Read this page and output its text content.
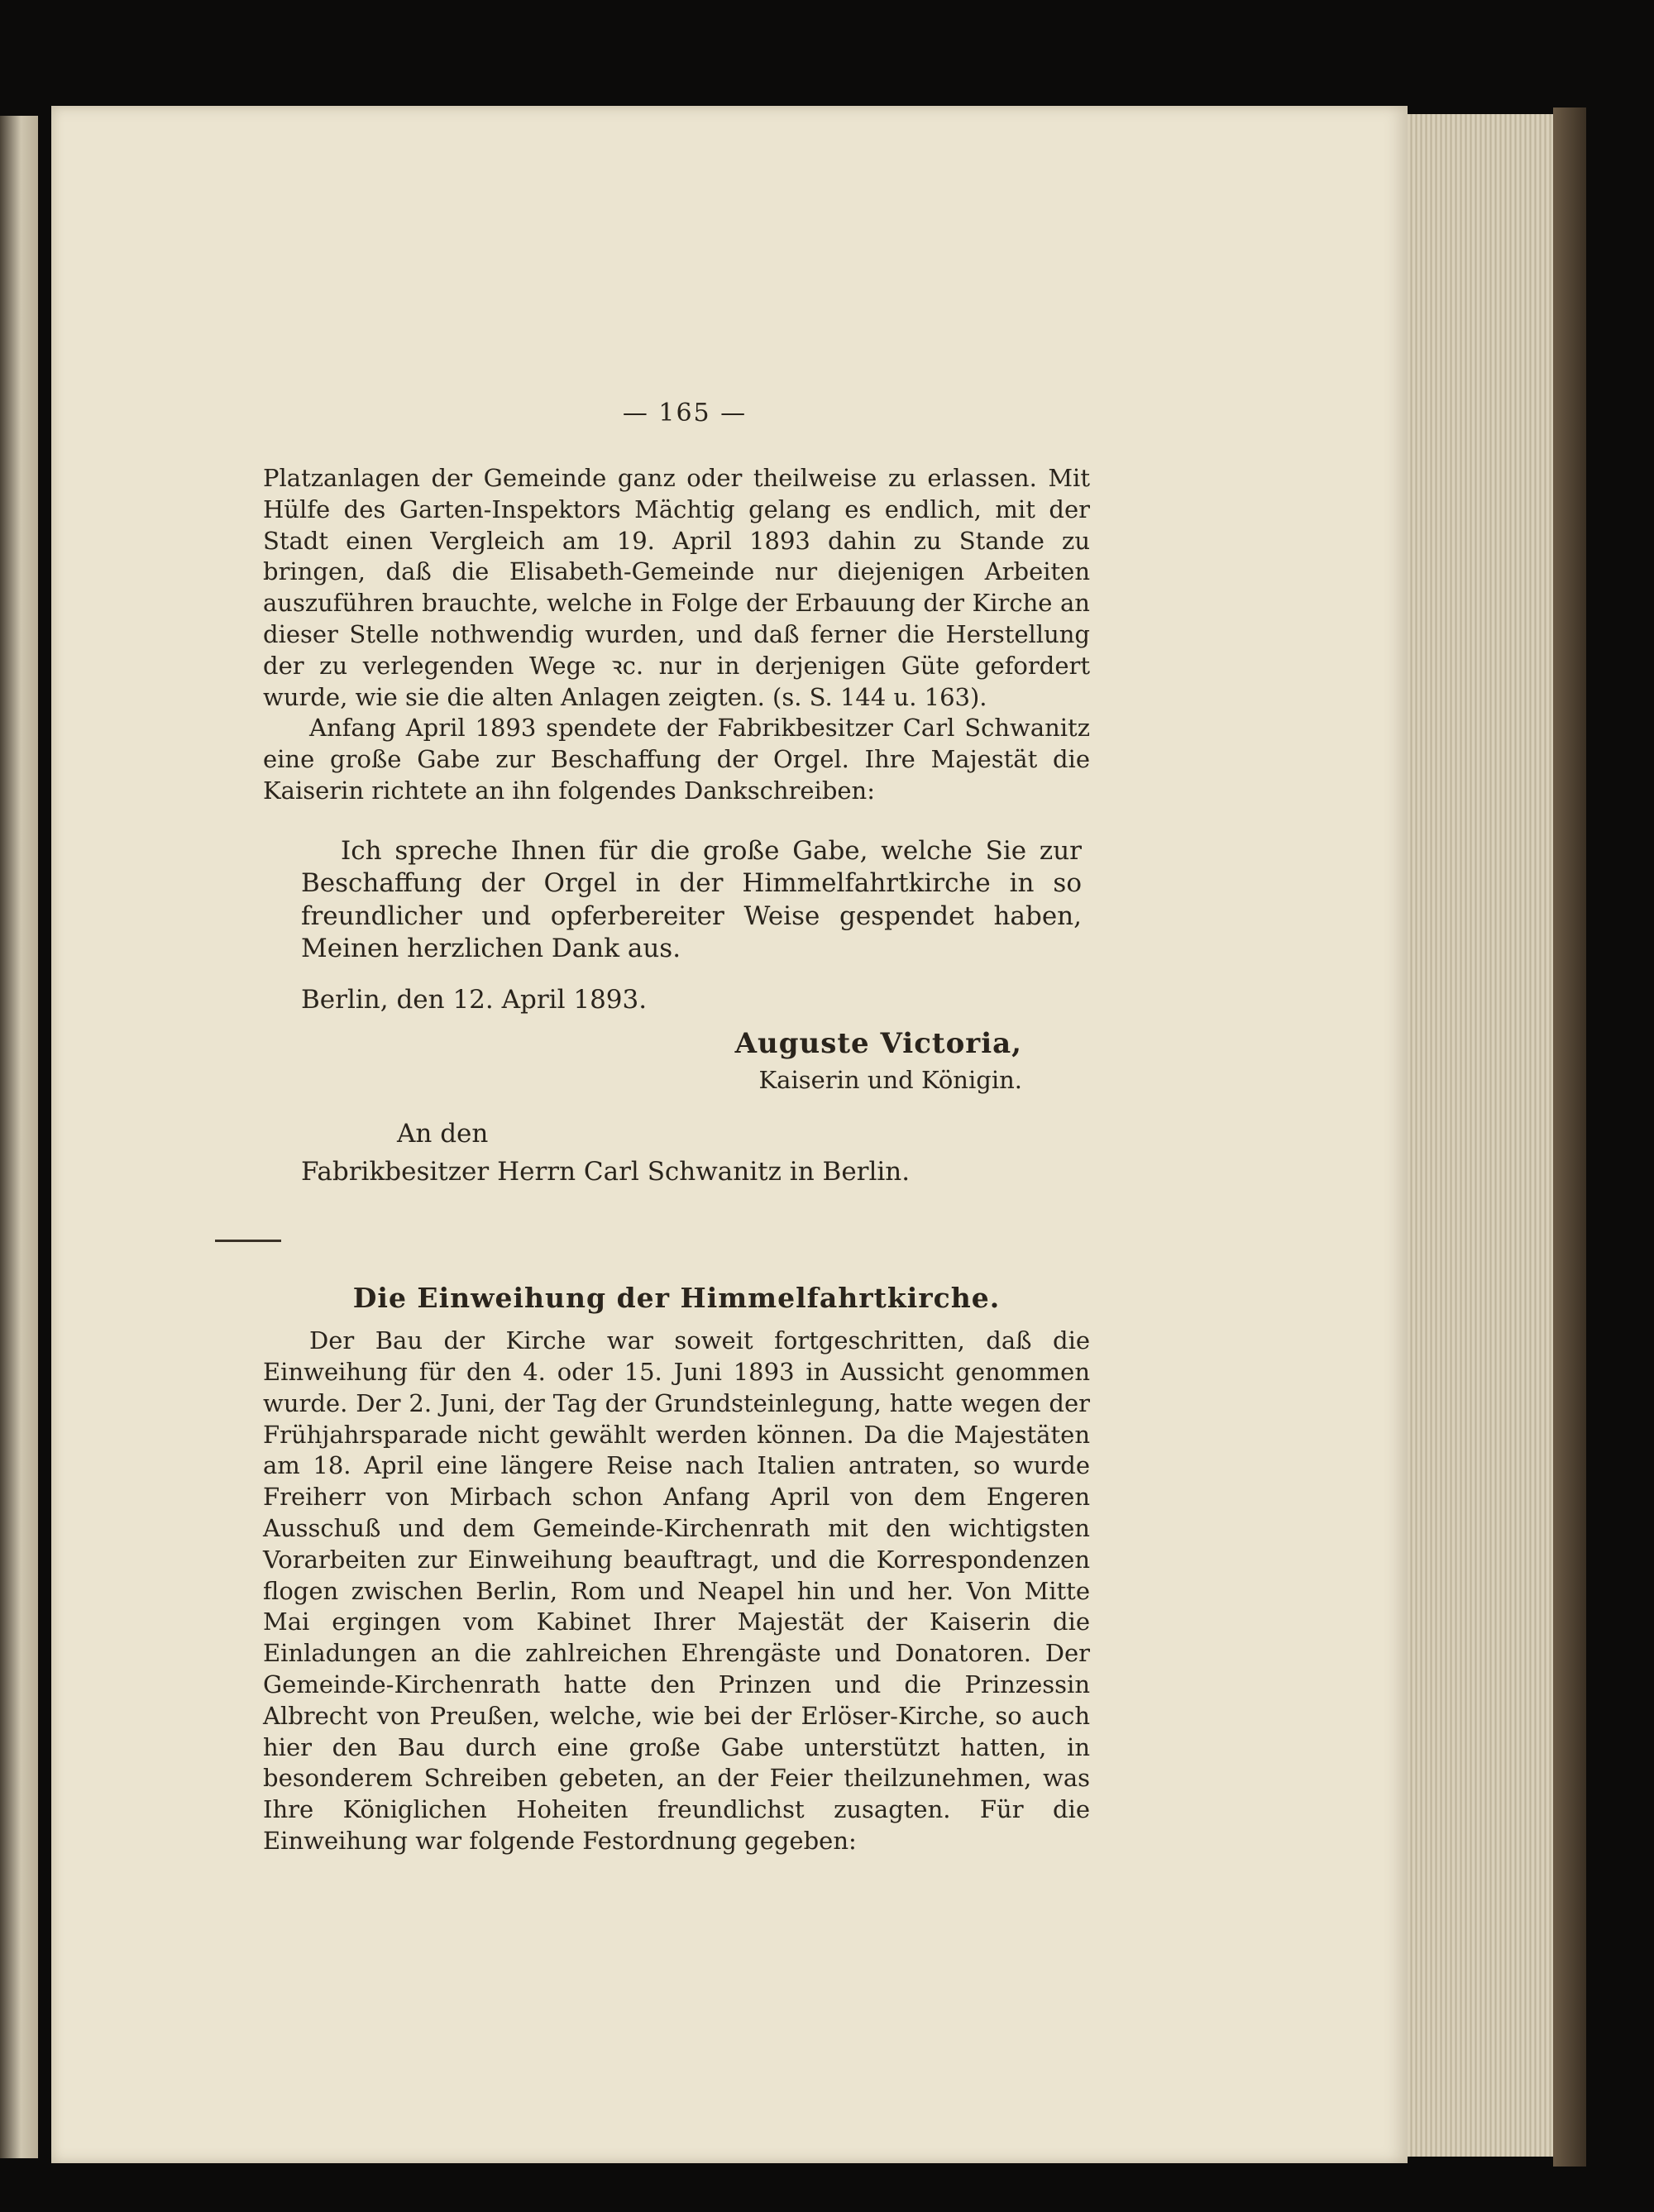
— 165 —

Platzanlagen der Gemeinde ganz oder theilweise zu erlassen. Mit Hülfe des Garten-Inspektors Mächtig gelang es endlich, mit der Stadt einen Vergleich am 19. April 1893 dahin zu Stande zu bringen, daß die Elisabeth-Gemeinde nur diejenigen Arbeiten auszuführen brauchte, welche in Folge der Erbauung der Kirche an dieser Stelle nothwendig wurden, und daß ferner die Herstellung der zu verlegenden Wege ꝛc. nur in derjenigen Güte gefordert wurde, wie sie die alten Anlagen zeigten. (s. S. 144 u. 163).

Anfang April 1893 spendete der Fabrikbesitzer Carl Schwanitz eine große Gabe zur Beschaffung der Orgel. Ihre Majestät die Kaiserin richtete an ihn folgendes Dankschreiben:

Ich spreche Ihnen für die große Gabe, welche Sie zur Beschaffung der Orgel in der Himmelfahrtkirche in so freundlicher und opferbereiter Weise gespendet haben, Meinen herzlichen Dank aus.
Berlin, den 12. April 1893.
Auguste Victoria,
Kaiserin und Königin.
An den
Fabrikbesitzer Herrn Carl Schwanitz in Berlin.
Die Einweihung der Himmelfahrtkirche.

Der Bau der Kirche war soweit fortgeschritten, daß die Einweihung für den 4. oder 15. Juni 1893 in Aussicht genommen wurde. Der 2. Juni, der Tag der Grundsteinlegung, hatte wegen der Frühjahrsparade nicht gewählt werden können. Da die Majestäten am 18. April eine längere Reise nach Italien antraten, so wurde Freiherr von Mirbach schon Anfang April von dem Engeren Ausschuß und dem Gemeinde-Kirchenrath mit den wichtigsten Vorarbeiten zur Einweihung beauftragt, und die Korrespondenzen flogen zwischen Berlin, Rom und Neapel hin und her. Von Mitte Mai ergingen vom Kabinet Ihrer Majestät der Kaiserin die Einladungen an die zahlreichen Ehrengäste und Donatoren. Der Gemeinde-Kirchenrath hatte den Prinzen und die Prinzessin Albrecht von Preußen, welche, wie bei der Erlöser-Kirche, so auch hier den Bau durch eine große Gabe unterstützt hatten, in besonderem Schreiben gebeten, an der Feier theilzunehmen, was Ihre Königlichen Hoheiten freundlichst zusagten. Für die Einweihung war folgende Festordnung gegeben:
